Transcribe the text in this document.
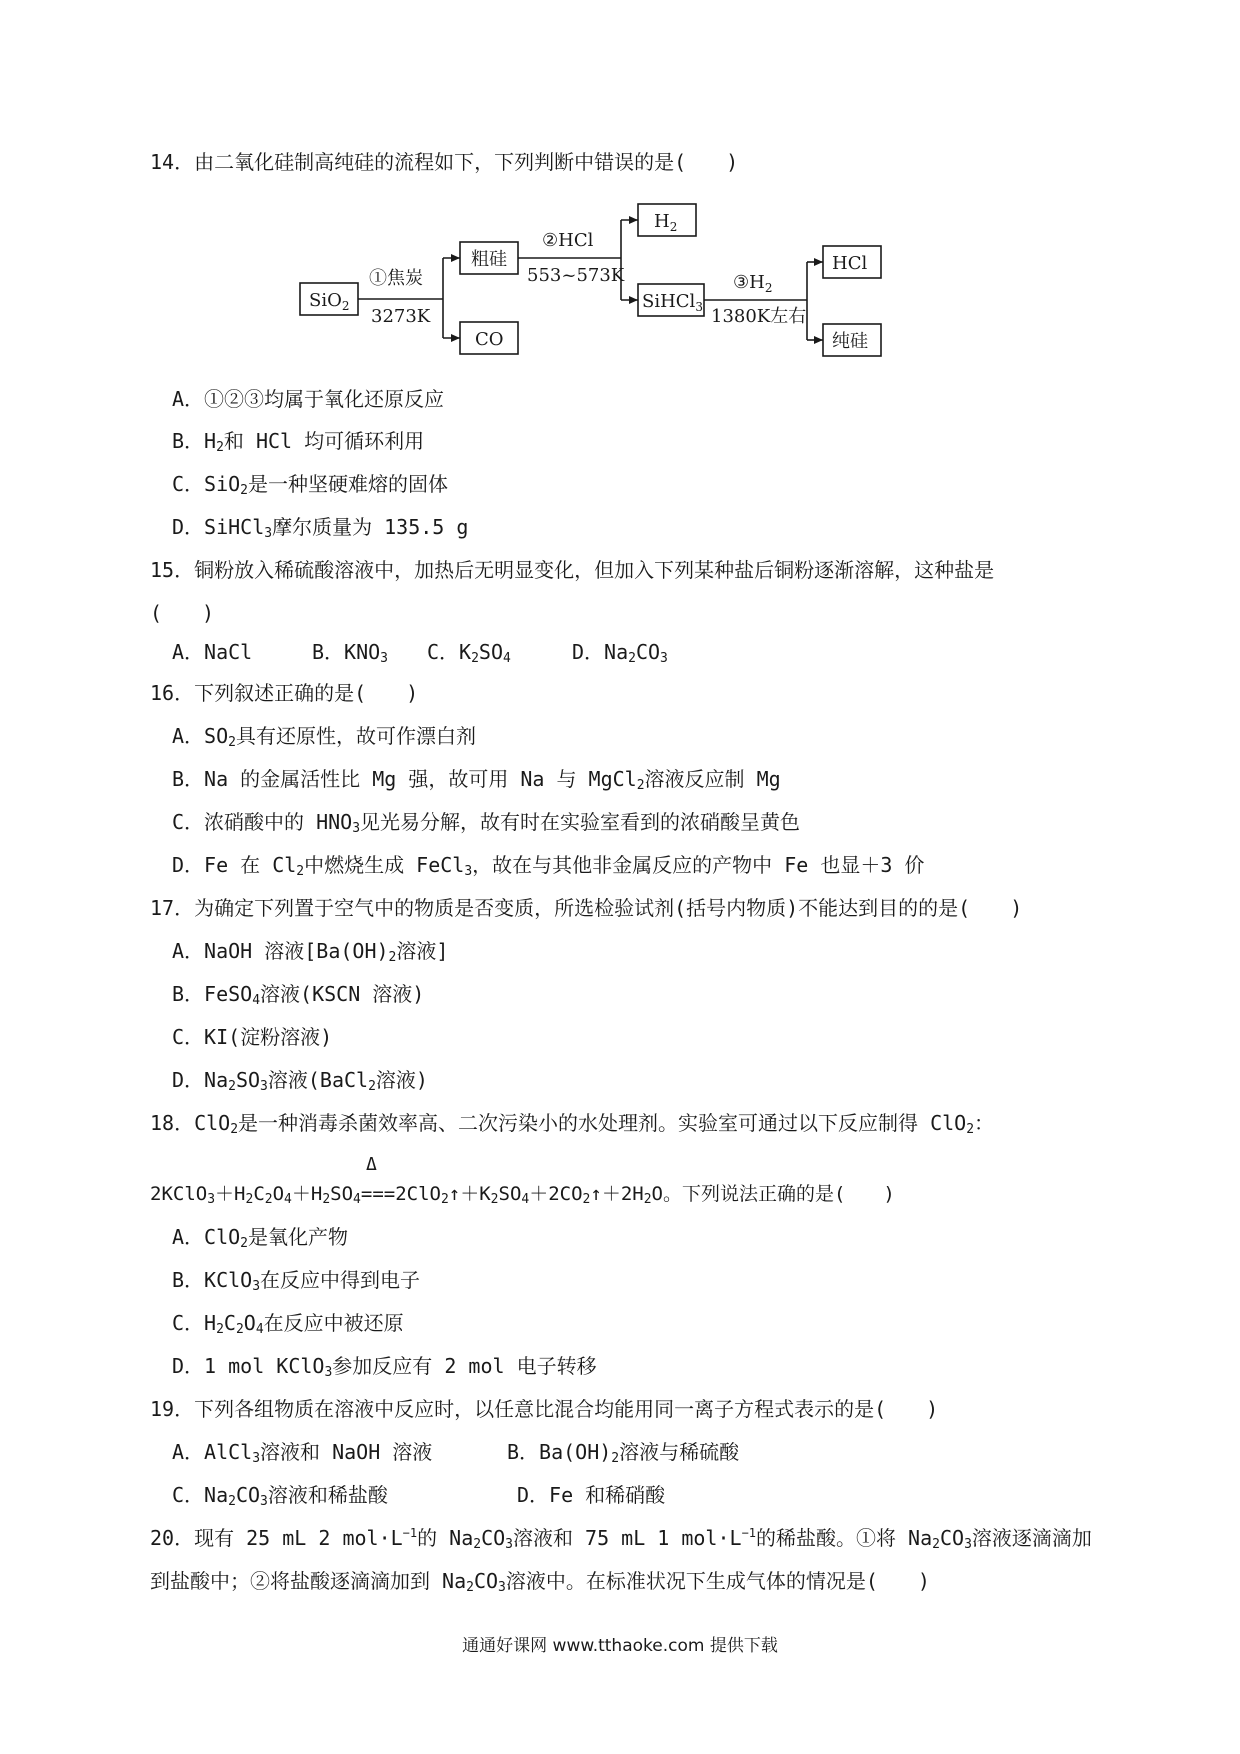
14．由二氧化硅制高纯硅的流程如下，下列判断中错误的是(　　)
SiO$_2$
①焦炭
3273K
粗硅
CO
②HCl
553~573K
$H_2$
SiHCl$_3$
$③H_2$
1380K左右
HCl
纯硅
A．①②③均属于氧化还原反应
B．$H_2$和 HCl 均可循环利用
C．SiO$_2$是一种坚硬难熔的固体
D．SiHCl$_3$摩尔质量为 135.5 g
15．铜粉放入稀硫酸溶液中，加热后无明显变化，但加入下列某种盐后铜粉逐渐溶解，这种盐是
(　　)
A．NaCl	B．$KNO_3$ C．$K_2SO_4$	D．$Na_2CO_3$
16．下列叙述正确的是(　　)
A．$SO_2$具有还原性，故可作漂白剂
B．Na 的金属活性比 Mg 强，故可用 Na 与 MgCl$_2$溶液反应制 Mg
C．浓硝酸中的 $HNO_3$见光易分解，故有时在实验室看到的浓硝酸呈黄色
D．Fe 在 $Cl_2$中燃烧生成 FeCl$_3$，故在与其他非金属反应的产物中 Fe 也显＋3 价
17．为确定下列置于空气中的物质是否变质，所选检验试剂(括号内物质)不能达到目的的是(　　)
A．NaOH 溶液[$Ba(OH)_2$溶液]
B．FeSO$_4$溶液(KSCN 溶液)
C．KI(淀粉溶液)
D．$Na_2SO_3$溶液(BaCl$_2$溶液)
18．ClO$_2$是一种消毒杀菌效率高、二次污染小的水处理剂。实验室可通过以下反应制得 ClO$_2$：
Δ
$2KClO_3+H_2C_2O_4+H_2SO_4===2ClO_2↑+K_2SO_4+2CO_2↑+2H_2O$。下列说法正确的是(　　)
A．ClO$_2$是氧化产物
B．KClO$_3$在反应中得到电子
C．$H_2C_2O_4$在反应中被还原
D．1 mol KClO$_3$参加反应有 2 mol 电子转移
19．下列各组物质在溶液中反应时，以任意比混合均能用同一离子方程式表示的是(　　)
A．AlCl$_3$溶液和 NaOH 溶液	B．$Ba(OH)_2$溶液与稀硫酸
C．$Na_2CO_3$溶液和稀盐酸	D．Fe 和稀硝酸
20．现有 25 mL 2 $mol\cdot L^{-1}$的 $Na_2CO_3$溶液和 75 mL 1 $mol\cdot L^{-1}$的稀盐酸。①将 $Na_2CO_3$溶液逐滴滴加
到盐酸中；②将盐酸逐滴滴加到 $Na_2CO_3$溶液中。在标准状况下生成气体的情况是(　　)
通通好课网 www.tthaoke.com 提供下载
